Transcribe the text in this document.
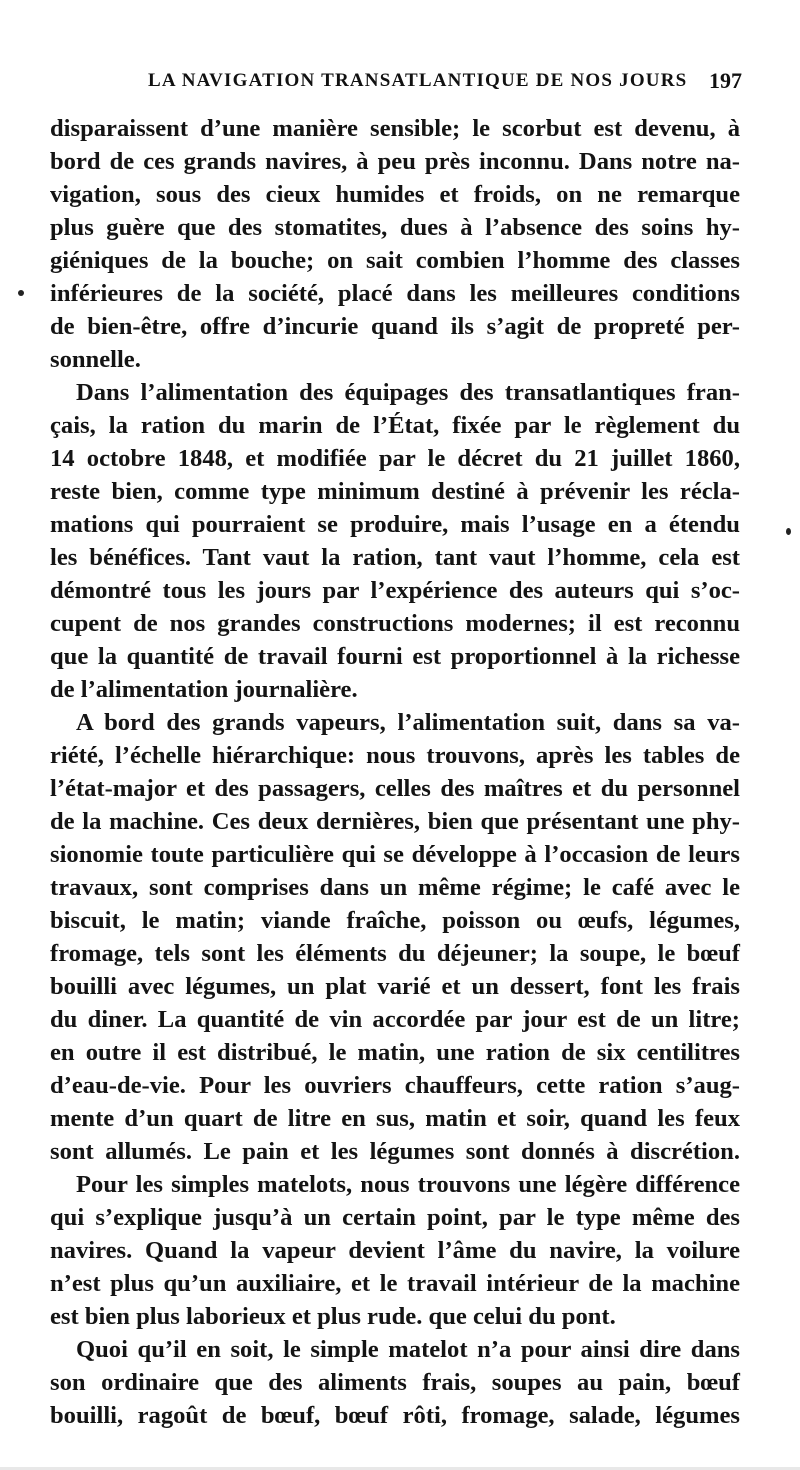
LA NAVIGATION TRANSATLANTIQUE DE NOS JOURS 197
disparaissent d’une manière sensible; le scorbut est devenu, à
bord de ces grands navires, à peu près inconnu. Dans notre na-
vigation, sous des cieux humides et froids, on ne remarque
plus guère que des stomatites, dues à l’absence des soins hy-
giéniques de la bouche; on sait combien l’homme des classes
inférieures de la société, placé dans les meilleures conditions
de bien-être, offre d’incurie quand ils s’agit de propreté per-
sonnelle.
Dans l’alimentation des équipages des transatlantiques fran-
çais, la ration du marin de l’État, fixée par le règlement du
14 octobre 1848, et modifiée par le décret du 21 juillet 1860,
reste bien, comme type minimum destiné à prévenir les récla-
mations qui pourraient se produire, mais l’usage en a étendu
les bénéfices. Tant vaut la ration, tant vaut l’homme, cela est
démontré tous les jours par l’expérience des auteurs qui s’oc-
cupent de nos grandes constructions modernes; il est reconnu
que la quantité de travail fourni est proportionnel à la richesse
de l’alimentation journalière.
A bord des grands vapeurs, l’alimentation suit, dans sa va-
riété, l’échelle hiérarchique: nous trouvons, après les tables de
l’état-major et des passagers, celles des maîtres et du personnel
de la machine. Ces deux dernières, bien que présentant une phy-
sionomie toute particulière qui se développe à l’occasion de leurs
travaux, sont comprises dans un même régime; le café avec le
biscuit, le matin; viande fraîche, poisson ou œufs, légumes,
fromage, tels sont les éléments du déjeuner; la soupe, le bœuf
bouilli avec légumes, un plat varié et un dessert, font les frais
du diner. La quantité de vin accordée par jour est de un litre;
en outre il est distribué, le matin, une ration de six centilitres
d’eau-de-vie. Pour les ouvriers chauffeurs, cette ration s’aug-
mente d’un quart de litre en sus, matin et soir, quand les feux
sont allumés. Le pain et les légumes sont donnés à discrétion.
Pour les simples matelots, nous trouvons une légère différence
qui s’explique jusqu’à un certain point, par le type même des
navires. Quand la vapeur devient l’âme du navire, la voilure
n’est plus qu’un auxiliaire, et le travail intérieur de la machine
est bien plus laborieux et plus rude. que celui du pont.
Quoi qu’il en soit, le simple matelot n’a pour ainsi dire dans
son ordinaire que des aliments frais, soupes au pain, bœuf
bouilli, ragoût de bœuf, bœuf rôti, fromage, salade, légumes
